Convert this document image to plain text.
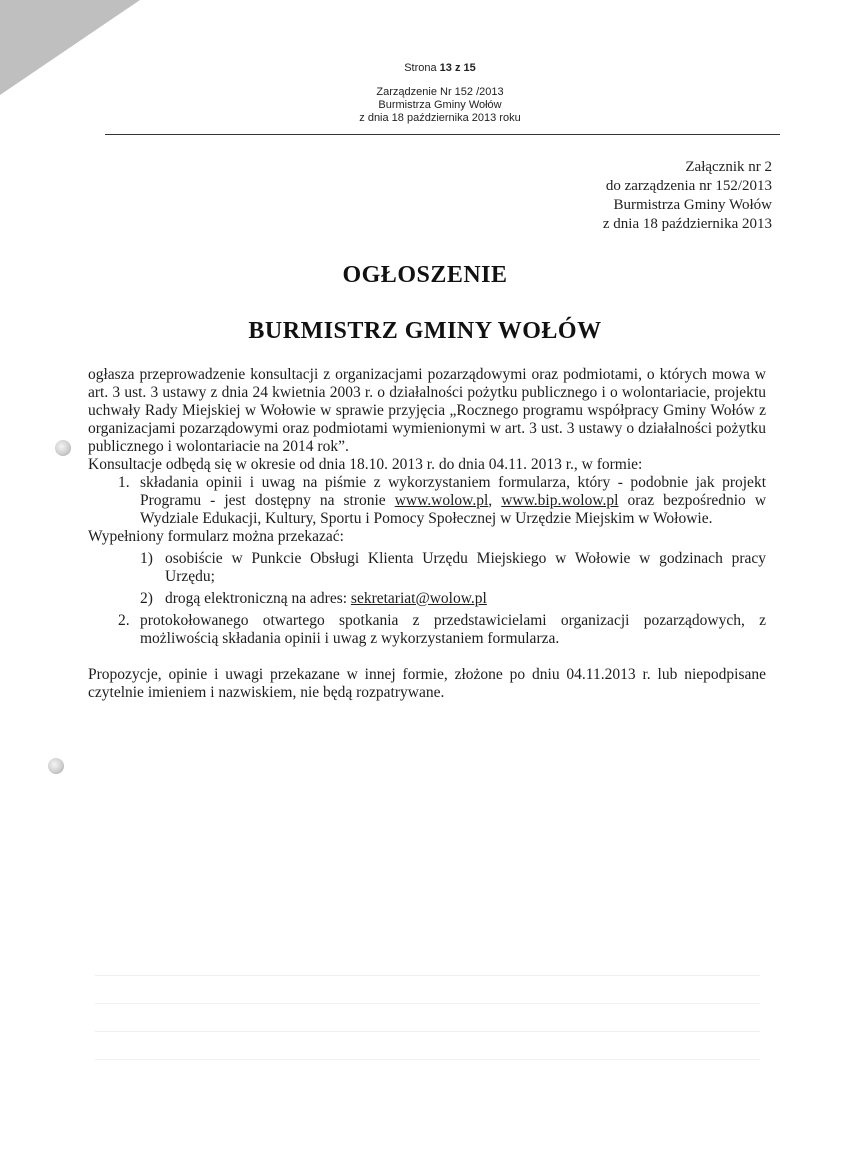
Strona 13 z 15
Zarządzenie Nr 152 /2013
Burmistrza Gminy Wołów
z dnia 18 października 2013 roku
Załącznik nr 2
do zarządzenia nr 152/2013
Burmistrza Gminy Wołów
z dnia 18 października 2013
OGŁOSZENIE
BURMISTRZ GMINY WOŁÓW

ogłasza przeprowadzenie konsultacji z organizacjami pozarządowymi oraz podmiotami, o których mowa w art. 3 ust. 3 ustawy z dnia 24 kwietnia 2003 r. o działalności pożytku publicznego i o wolontariacie, projektu uchwały Rady Miejskiej w Wołowie w sprawie przyjęcia „Rocznego programu współpracy Gminy Wołów z organizacjami pozarządowymi oraz podmiotami wymienionymi w art. 3 ust. 3 ustawy o działalności pożytku publicznego i wolontariacie na 2014 rok”.

Konsultacje odbędą się w okresie od dnia 18.10. 2013 r. do dnia 04.11. 2013 r., w formie:

1. składania opinii i uwag na piśmie z wykorzystaniem formularza, który - podobnie jak projekt Programu - jest dostępny na stronie www.wolow.pl, www.bip.wolow.pl oraz bezpośrednio w Wydziale Edukacji, Kultury, Sportu i Pomocy Społecznej w Urzędzie Miejskim w Wołowie.

Wypełniony formularz można przekazać:

1) osobiście w Punkcie Obsługi Klienta Urzędu Miejskiego w Wołowie w godzinach pracy Urzędu;
2) drogą elektroniczną na adres: sekretariat@wolow.pl
2. protokołowanego otwartego spotkania z przedstawicielami organizacji pozarządowych, z możliwością składania opinii i uwag z wykorzystaniem formularza.

Propozycje, opinie i uwagi przekazane w innej formie, złożone po dniu 04.11.2013 r. lub niepodpisane czytelnie imieniem i nazwiskiem, nie będą rozpatrywane.
